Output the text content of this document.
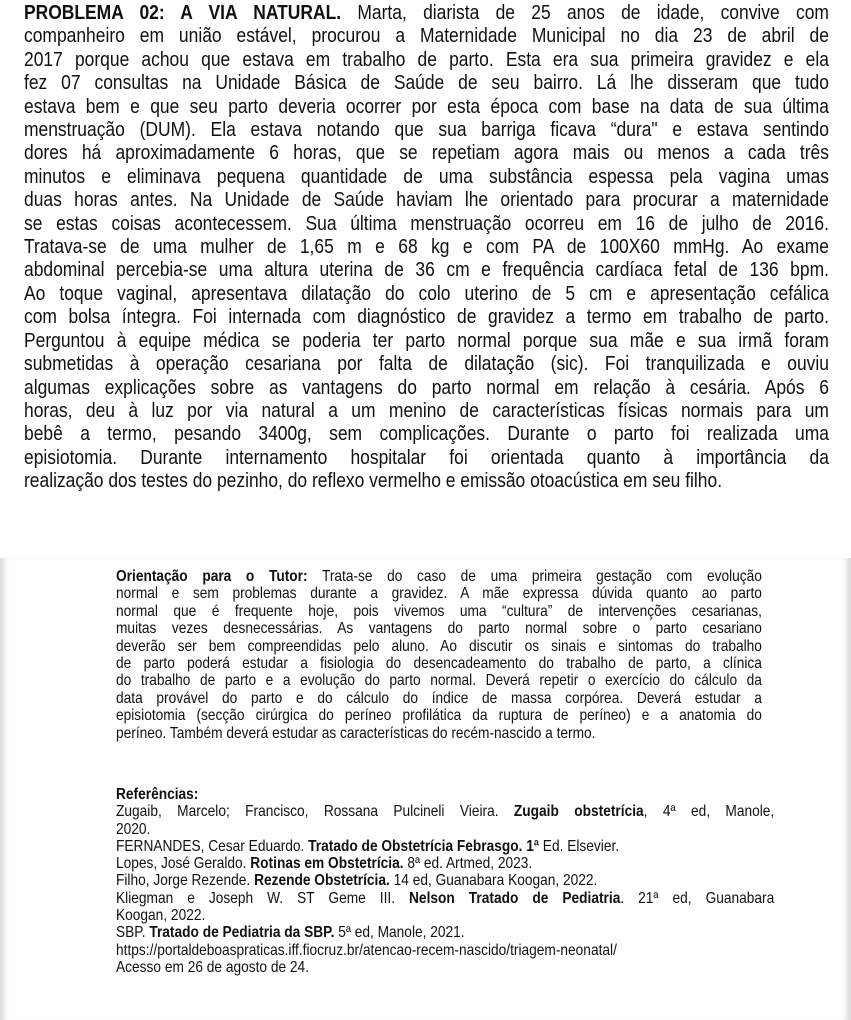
PROBLEMA 02: A VIA NATURAL. Marta, diarista de 25 anos de idade, convive com
companheiro em união estável, procurou a Maternidade Municipal no dia 23 de abril de
2017 porque achou que estava em trabalho de parto. Esta era sua primeira gravidez e ela
fez 07 consultas na Unidade Básica de Saúde de seu bairro. Lá lhe disseram que tudo
estava bem e que seu parto deveria ocorrer por esta época com base na data de sua última
menstruação (DUM). Ela estava notando que sua barriga ficava “dura" e estava sentindo
dores há aproximadamente 6 horas, que se repetiam agora mais ou menos a cada três
minutos e eliminava pequena quantidade de uma substância espessa pela vagina umas
duas horas antes. Na Unidade de Saúde haviam lhe orientado para procurar a maternidade
se estas coisas acontecessem. Sua última menstruação ocorreu em 16 de julho de 2016.
Tratava-se de uma mulher de 1,65 m e 68 kg e com PA de 100X60 mmHg. Ao exame
abdominal percebia-se uma altura uterina de 36 cm e frequência cardíaca fetal de 136 bpm.
Ao toque vaginal, apresentava dilatação do colo uterino de 5 cm e apresentação cefálica
com bolsa íntegra. Foi internada com diagnóstico de gravidez a termo em trabalho de parto.
Perguntou à equipe médica se poderia ter parto normal porque sua mãe e sua irmã foram
submetidas à operação cesariana por falta de dilatação (sic). Foi tranquilizada e ouviu
algumas explicações sobre as vantagens do parto normal em relação à cesária. Após 6
horas, deu à luz por via natural a um menino de características físicas normais para um
bebê a termo, pesando 3400g, sem complicações. Durante o parto foi realizada uma
episiotomia. Durante internamento hospitalar foi orientada quanto à importância da
realização dos testes do pezinho, do reflexo vermelho e emissão otoacústica em seu filho.
Orientação para o Tutor: Trata-se do caso de uma primeira gestação com evolução
normal e sem problemas durante a gravidez. A mãe expressa dúvida quanto ao parto
normal que é frequente hoje, pois vivemos uma “cultura” de intervenções cesarianas,
muitas vezes desnecessárias. As vantagens do parto normal sobre o parto cesariano
deverão ser bem compreendidas pelo aluno. Ao discutir os sinais e sintomas do trabalho
de parto poderá estudar a fisiologia do desencadeamento do trabalho de parto, a clínica
do trabalho de parto e a evolução do parto normal. Deverá repetir o exercício do cálculo da
data provável do parto e do cálculo do índice de massa corpórea. Deverá estudar a
episiotomia (secção cirúrgica do períneo profilática da ruptura de períneo) e a anatomia do
períneo. Também deverá estudar as características do recém-nascido a termo.
Referências:
Zugaib, Marcelo; Francisco, Rossana Pulcineli Vieira. Zugaib obstetrícia, 4ª ed, Manole,
2020.
FERNANDES, Cesar Eduardo. Tratado de Obstetrícia Febrasgo. 1ª Ed. Elsevier.
Lopes, José Geraldo. Rotinas em Obstetrícia. 8ª ed. Artmed, 2023.
Filho, Jorge Rezende. Rezende Obstetrícia. 14 ed, Guanabara Koogan, 2022.
Kliegman e Joseph W. ST Geme III. Nelson Tratado de Pediatria. 21ª ed, Guanabara
Koogan, 2022.
SBP. Tratado de Pediatria da SBP. 5ª ed, Manole, 2021.
https://portaldeboaspraticas.iff.fiocruz.br/atencao-recem-nascido/triagem-neonatal/
Acesso em 26 de agosto de 24.
